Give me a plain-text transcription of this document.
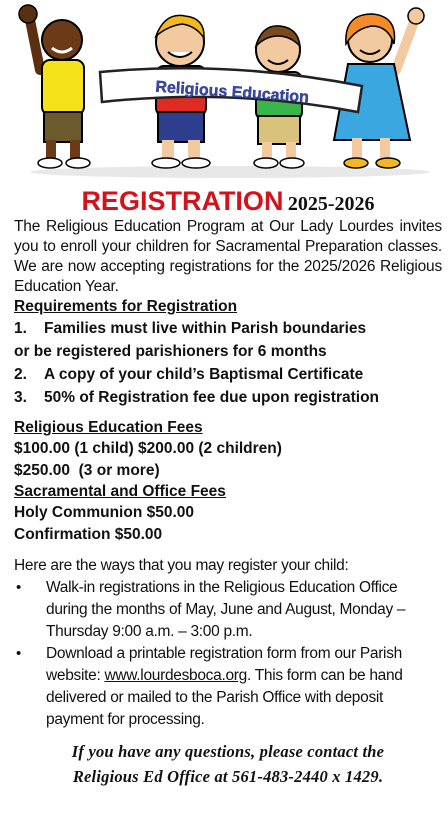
Religious Education
REGISTRATION 2025-2026

The Religious Education Program at Our Lady Lourdes invites you to enroll your children for Sacramental Preparation classes. We are now accepting registrations for the 2025/2026 Religious Education Year.

Requirements for Registration

1. Families must live within Parish boundaries
or be registered parishioners for 6 months
2. A copy of your child’s Baptismal Certificate
3. 50% of Registration fee due upon registration

Religious Education Fees

$100.00 (1 child) $200.00 (2 children)

$250.00  (3 or more)

Sacramental and Office Fees

Holy Communion $50.00

Confirmation $50.00

Here are the ways that you may register your child:

• Walk-in registrations in the Religious Education Office during the months of May, June and August, Monday – Thursday 9:00 a.m. – 3:00 p.m.
• Download a printable registration form from our Parish website: www.lourdesboca.org. This form can be hand delivered or mailed to the Parish Office with deposit payment for processing.

If you have any questions, please contact the

Religious Ed Office at 561-483-2440 x 1429.
